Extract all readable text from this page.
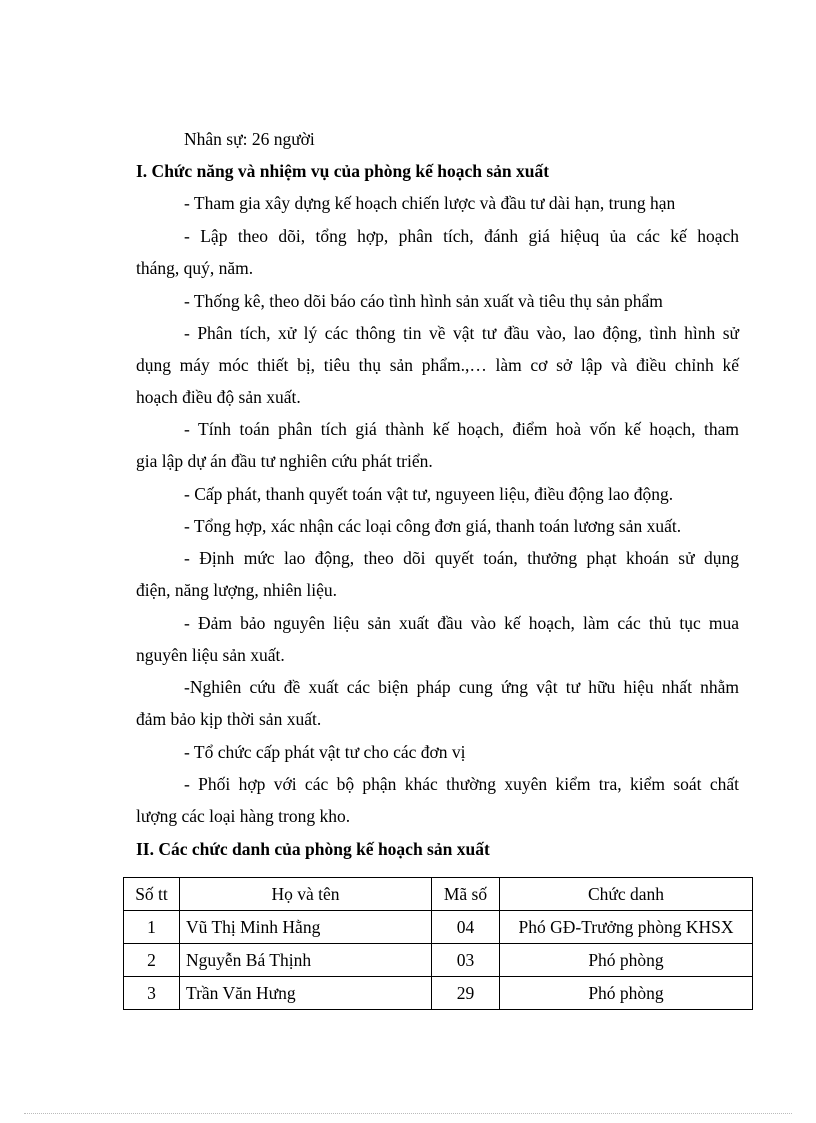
Nhân sự: 26 người
I. Chức năng và nhiệm vụ của phòng kế hoạch sản xuất
- Tham gia xây dựng kế hoạch chiến lược và đầu tư dài hạn, trung hạn
- Lập theo dõi, tổng hợp, phân tích, đánh giá hiệuq ủa các kế hoạch
tháng, quý, năm.
- Thống kê, theo dõi báo cáo tình hình sản xuất và tiêu thụ sản phẩm
- Phân tích, xử lý các thông tin về vật tư đầu vào, lao động, tình hình sử
dụng máy móc thiết bị, tiêu thụ sản phẩm.,… làm cơ sở lập và điều chỉnh kế
hoạch điều độ sản xuất.
- Tính toán phân tích giá thành kế hoạch, điểm hoà vốn kế hoạch, tham
gia lập dự án đầu tư nghiên cứu phát triển.
- Cấp phát, thanh quyết toán vật tư, nguyeen liệu, điều động lao động.
- Tổng hợp, xác nhận các loại công đơn giá, thanh toán lương sản xuất.
- Định mức lao động, theo dõi quyết toán, thưởng phạt khoán sử dụng
điện, năng lượng, nhiên liệu.
- Đảm bảo nguyên liệu sản xuất đầu vào kế hoạch, làm các thủ tục mua
nguyên liệu sản xuất.
-Nghiên cứu đề xuất các biện pháp cung ứng vật tư hữu hiệu nhất nhằm
đảm bảo kịp thời sản xuất.
- Tổ chức cấp phát vật tư cho các đơn vị
- Phối hợp với các bộ phận khác thường xuyên kiểm tra, kiểm soát chất
lượng các loại hàng trong kho.
II. Các chức danh của phòng kế hoạch sản xuất
Số tt	Họ và tên	Mã số	Chức danh
1	Vũ Thị Minh Hằng	04	Phó GĐ-Trưởng phòng KHSX
2	Nguyễn Bá Thịnh	03	Phó phòng
3	Trần Văn Hưng	29	Phó phòng
